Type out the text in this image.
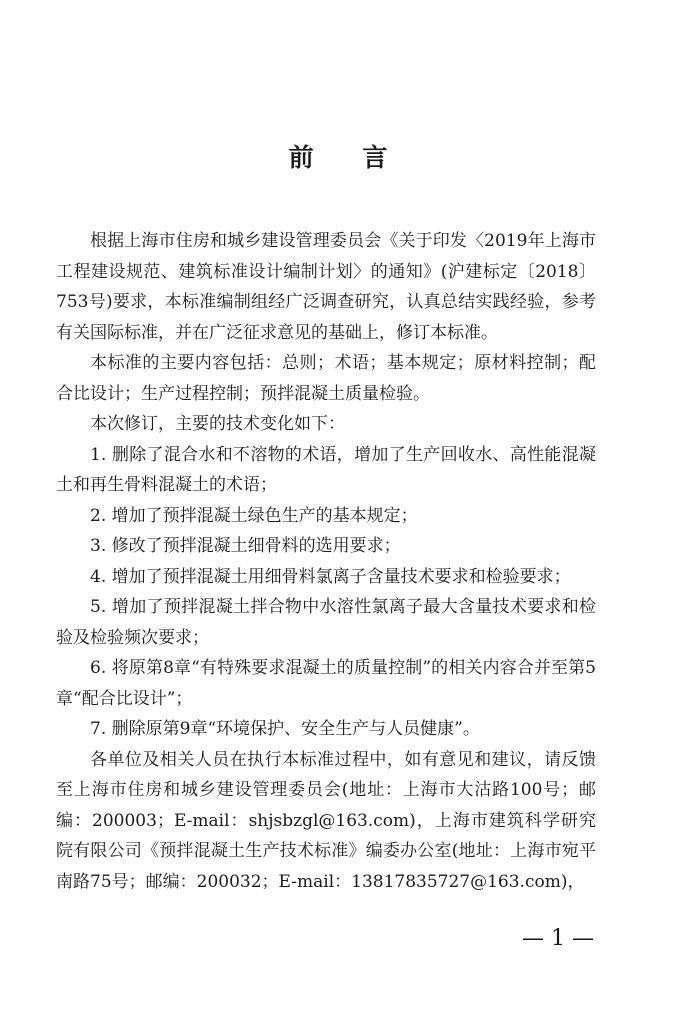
前 言

根据上海市住房和城乡建设管理委员会《关于印发〈2019年上海市工程建设规范、建筑标准设计编制计划〉的通知》(沪建标定〔2018〕753号)要求，本标准编制组经广泛调查研究，认真总结实践经验，参考有关国际标准，并在广泛征求意见的基础上，修订本标准。

本标准的主要内容包括：总则；术语；基本规定；原材料控制；配合比设计；生产过程控制；预拌混凝土质量检验。

本次修订，主要的技术变化如下：

1. 删除了混合水和不溶物的术语，增加了生产回收水、高性能混凝土和再生骨料混凝土的术语；

2. 增加了预拌混凝土绿色生产的基本规定；

3. 修改了预拌混凝土细骨料的选用要求；

4. 增加了预拌混凝土用细骨料氯离子含量技术要求和检验要求；

5. 增加了预拌混凝土拌合物中水溶性氯离子最大含量技术要求和检验及检验频次要求；

6. 将原第8章“有特殊要求混凝土的质量控制”的相关内容合并至第5章“配合比设计”；

7. 删除原第9章“环境保护、安全生产与人员健康”。

各单位及相关人员在执行本标准过程中，如有意见和建议，请反馈至上海市住房和城乡建设管理委员会(地址：上海市大沽路100号；邮编：200003；E-mail：shjsbzgl@163.com)，上海市建筑科学研究院有限公司《预拌混凝土生产技术标准》编委办公室(地址：上海市宛平南路75号；邮编：200032；E-mail：13817835727@163.com)，

— 1 —
